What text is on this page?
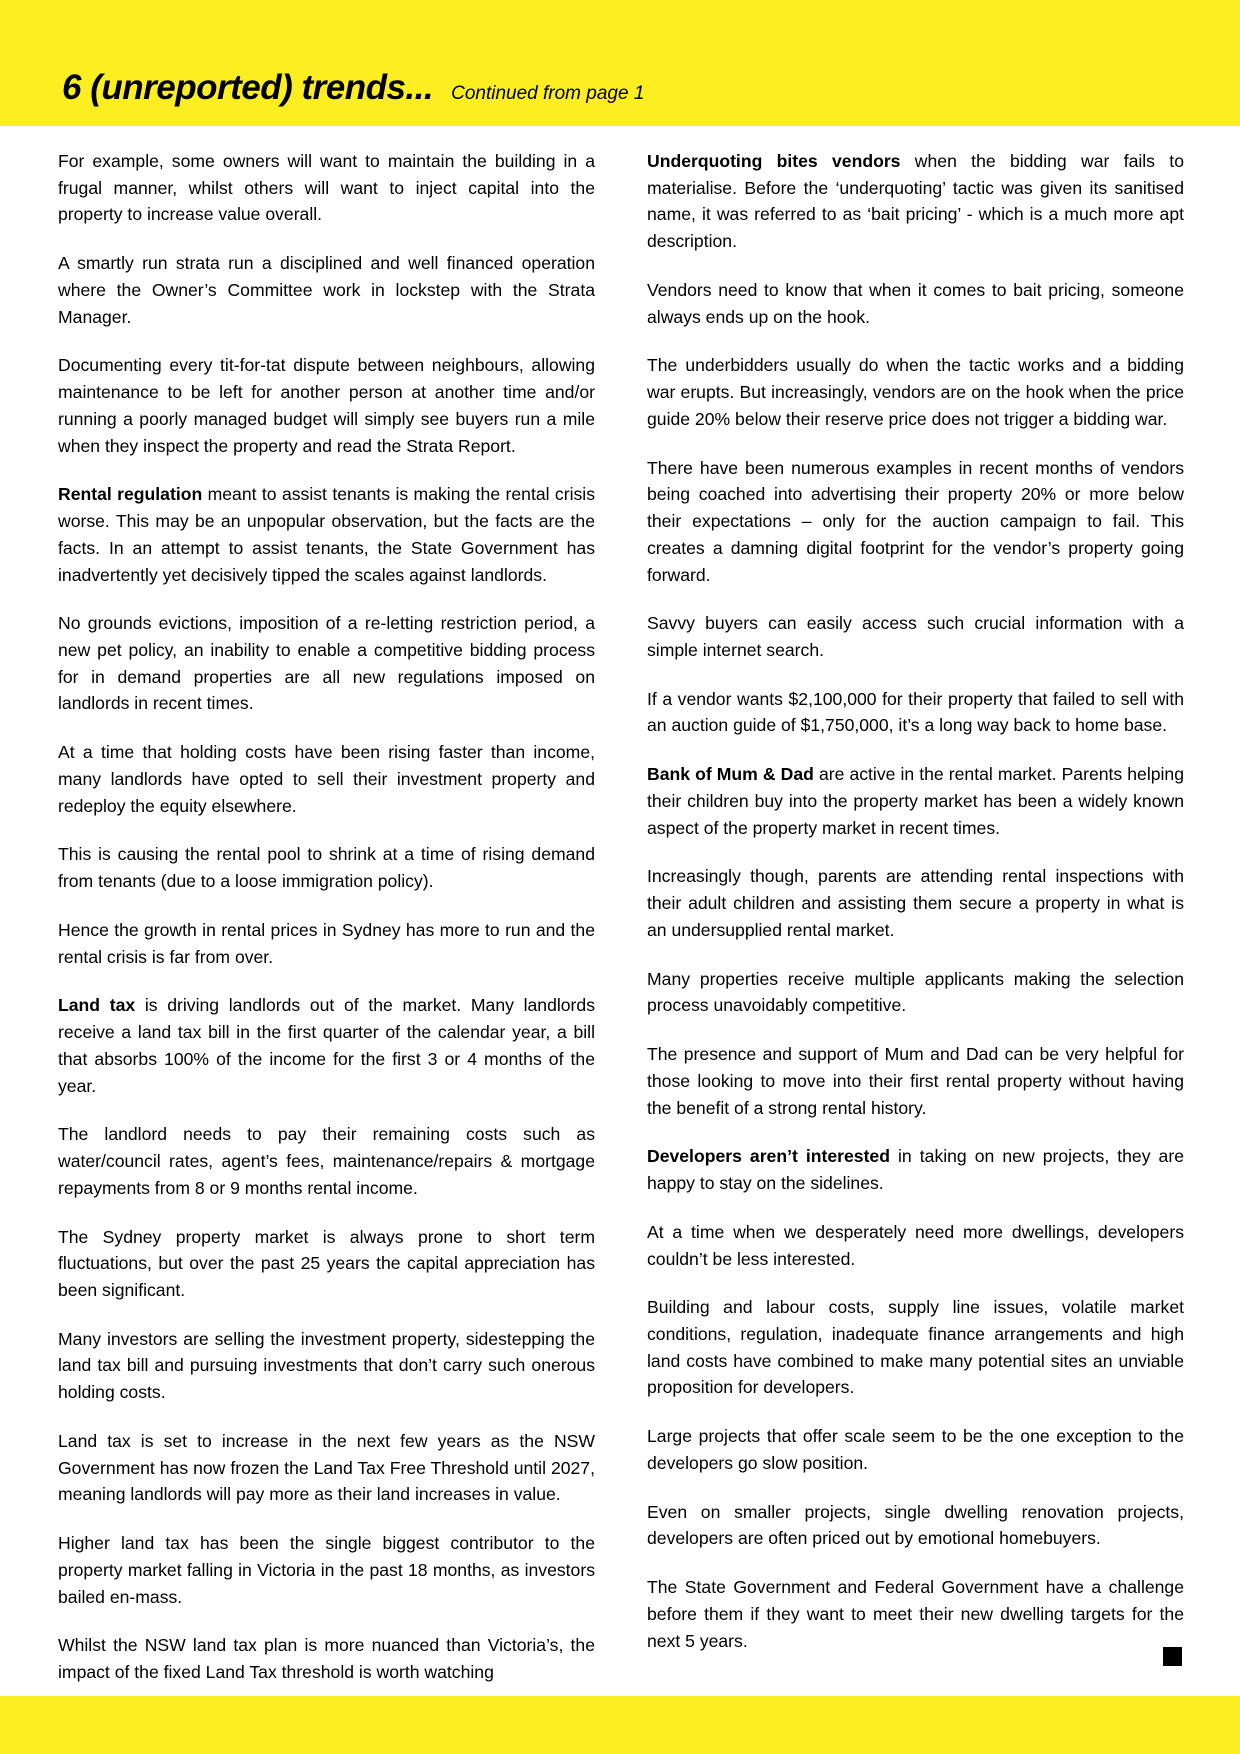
6 (unreported) trends... Continued from page 1

For example, some owners will want to maintain the building in a frugal manner, whilst others will want to inject capital into the property to increase value overall.

A smartly run strata run a disciplined and well financed operation where the Owner’s Committee work in lockstep with the Strata Manager.

Documenting every tit-for-tat dispute between neighbours, allowing maintenance to be left for another person at another time and/or running a poorly managed budget will simply see buyers run a mile when they inspect the property and read the Strata Report.

Rental regulation meant to assist tenants is making the rental crisis worse. This may be an unpopular observation, but the facts are the facts. In an attempt to assist tenants, the State Government has inadvertently yet decisively tipped the scales against landlords.

No grounds evictions, imposition of a re-letting restriction period, a new pet policy, an inability to enable a competitive bidding process for in demand properties are all new regulations imposed on landlords in recent times.

At a time that holding costs have been rising faster than income, many landlords have opted to sell their investment property and redeploy the equity elsewhere.

This is causing the rental pool to shrink at a time of rising demand from tenants (due to a loose immigration policy).

Hence the growth in rental prices in Sydney has more to run and the rental crisis is far from over.

Land tax is driving landlords out of the market. Many landlords receive a land tax bill in the first quarter of the calendar year, a bill that absorbs 100% of the income for the first 3 or 4 months of the year.

The landlord needs to pay their remaining costs such as water/council rates, agent’s fees, maintenance/repairs & mortgage repayments from 8 or 9 months rental income.

The Sydney property market is always prone to short term fluctuations, but over the past 25 years the capital appreciation has been significant.

Many investors are selling the investment property, sidestepping the land tax bill and pursuing investments that don’t carry such onerous holding costs.

Land tax is set to increase in the next few years as the NSW Government has now frozen the Land Tax Free Threshold until 2027, meaning landlords will pay more as their land increases in value.

Higher land tax has been the single biggest contributor to the property market falling in Victoria in the past 18 months, as investors bailed en-mass.

Whilst the NSW land tax plan is more nuanced than Victoria’s, the impact of the fixed Land Tax threshold is worth watching

Underquoting bites vendors when the bidding war fails to materialise. Before the ‘underquoting’ tactic was given its sanitised name, it was referred to as ‘bait pricing’ - which is a much more apt description.

Vendors need to know that when it comes to bait pricing, someone always ends up on the hook.

The underbidders usually do when the tactic works and a bidding war erupts. But increasingly, vendors are on the hook when the price guide 20% below their reserve price does not trigger a bidding war.

There have been numerous examples in recent months of vendors being coached into advertising their property 20% or more below their expectations – only for the auction campaign to fail. This creates a damning digital footprint for the vendor’s property going forward.

Savvy buyers can easily access such crucial information with a simple internet search.

If a vendor wants $2,100,000 for their property that failed to sell with an auction guide of $1,750,000, it’s a long way back to home base.

Bank of Mum & Dad are active in the rental market. Parents helping their children buy into the property market has been a widely known aspect of the property market in recent times.

Increasingly though, parents are attending rental inspections with their adult children and assisting them secure a property in what is an undersupplied rental market.

Many properties receive multiple applicants making the selection process unavoidably competitive.

The presence and support of Mum and Dad can be very helpful for those looking to move into their first rental property without having the benefit of a strong rental history.

Developers aren’t interested in taking on new projects, they are happy to stay on the sidelines.

At a time when we desperately need more dwellings, developers couldn’t be less interested.

Building and labour costs, supply line issues, volatile market conditions, regulation, inadequate finance arrangements and high land costs have combined to make many potential sites an unviable proposition for developers.

Large projects that offer scale seem to be the one exception to the developers go slow position.

Even on smaller projects, single dwelling renovation projects, developers are often priced out by emotional homebuyers.

The State Government and Federal Government have a challenge before them if they want to meet their new dwelling targets for the next 5 years.
